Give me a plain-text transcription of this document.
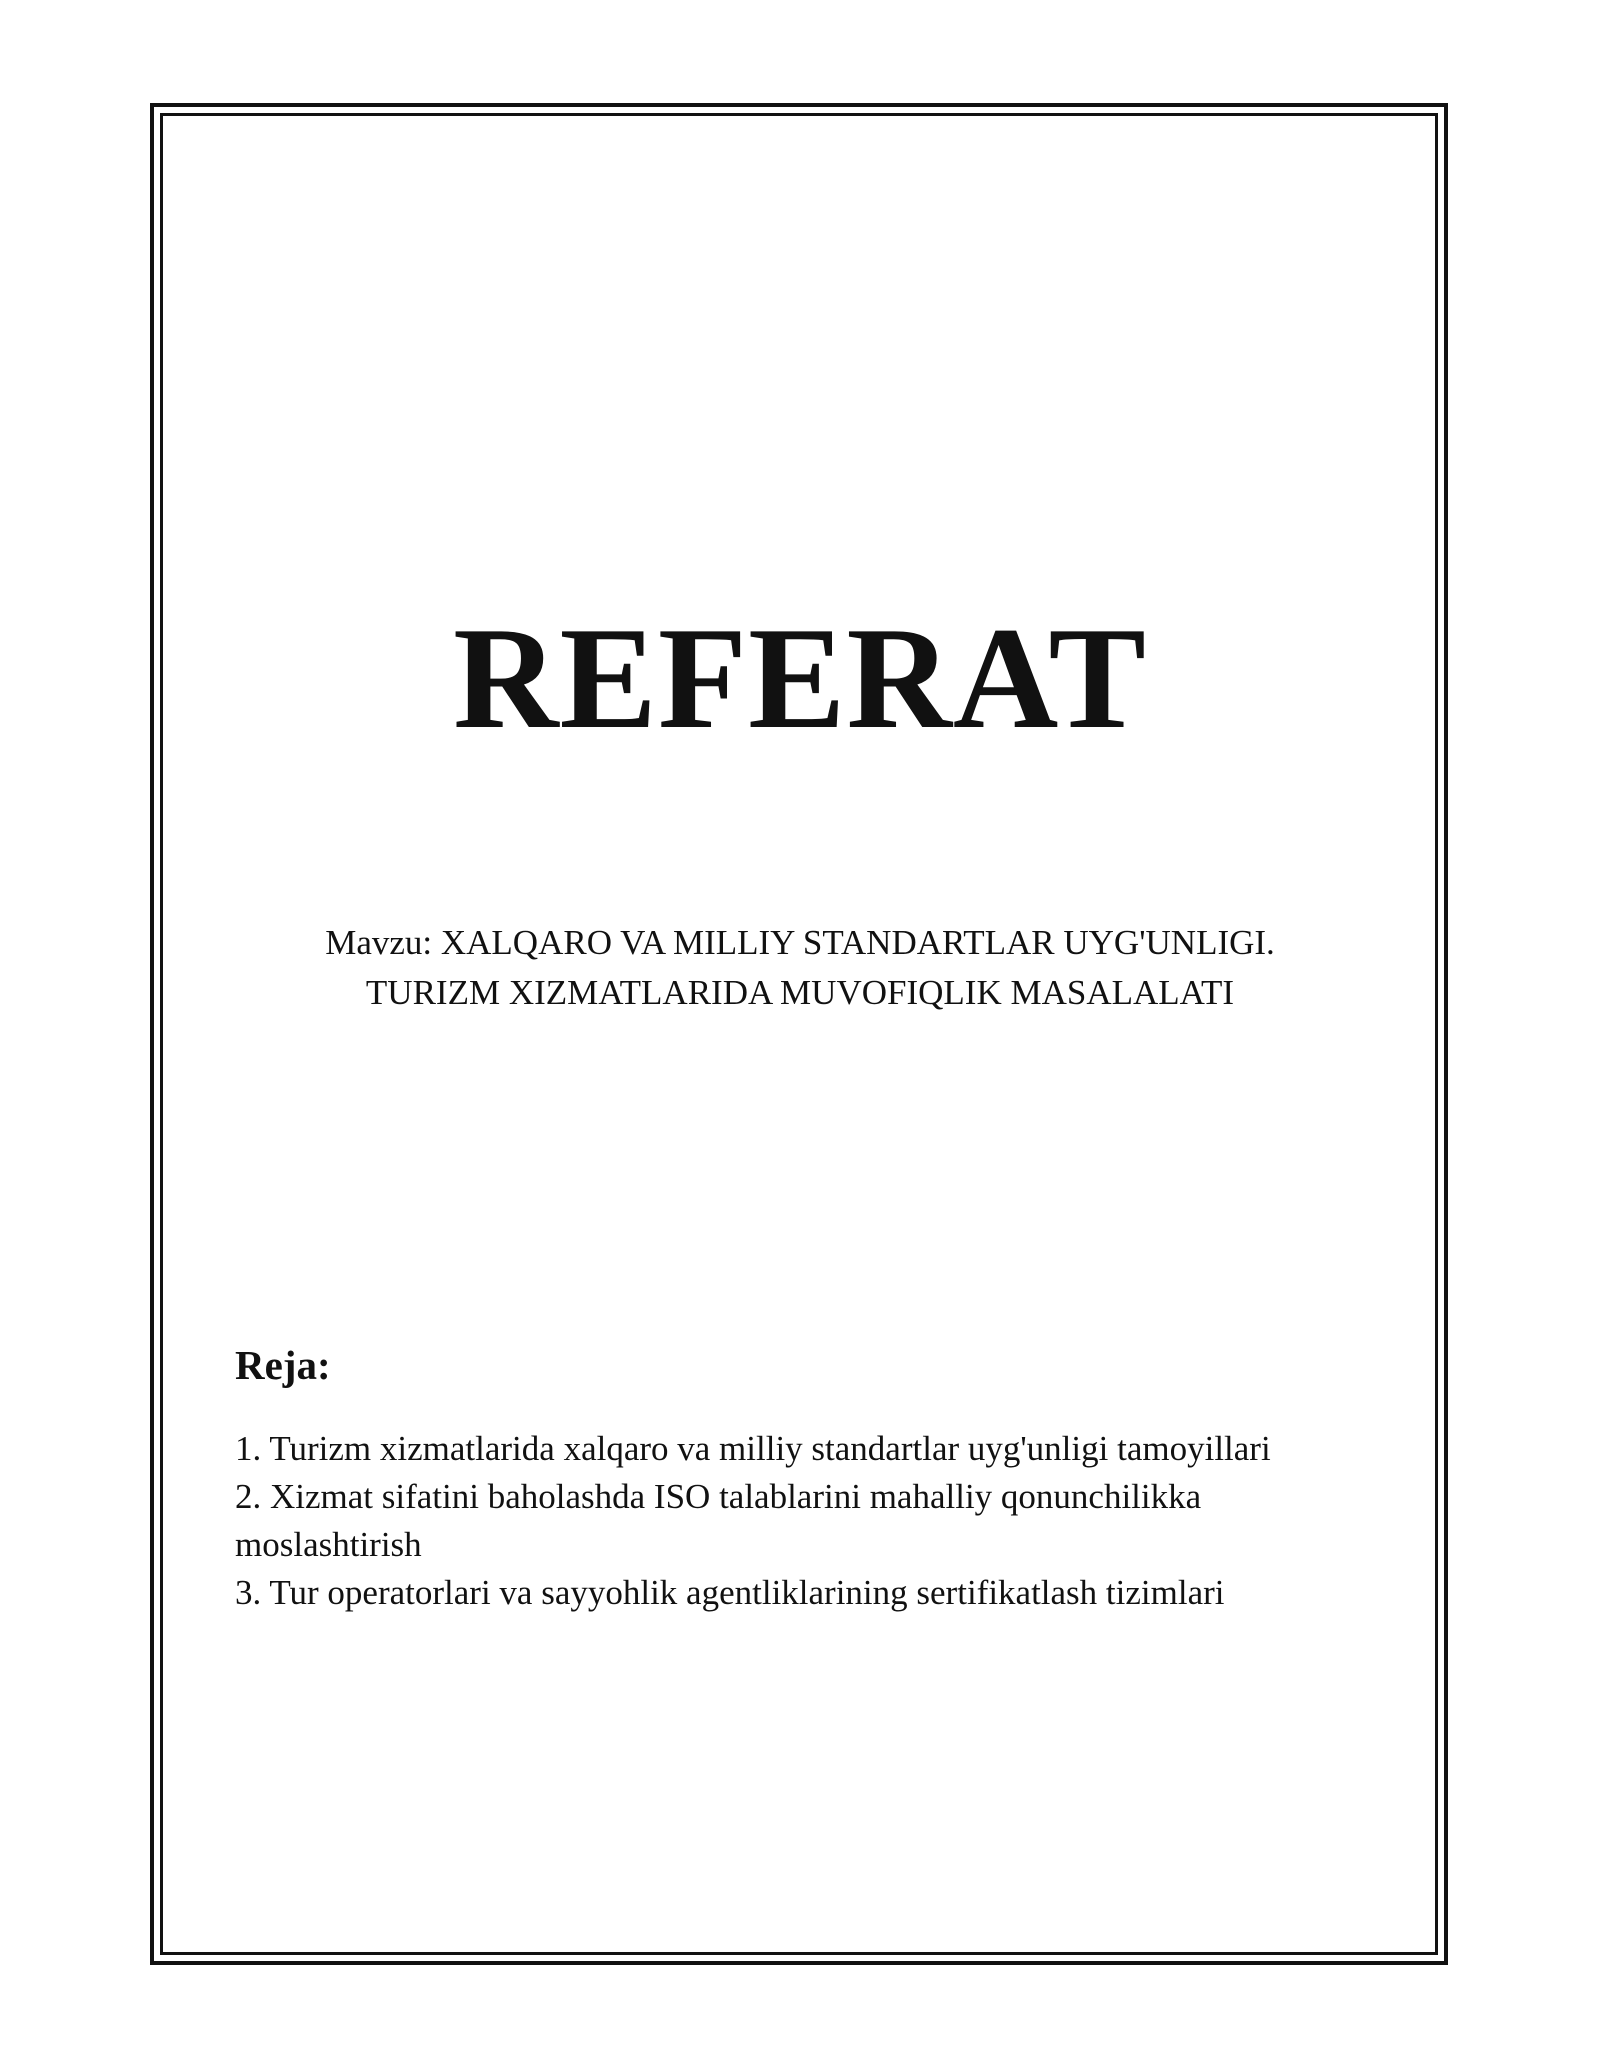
REFERAT
Mavzu: XALQARO VA MILLIY STANDARTLAR UYG'UNLIGI.
TURIZM XIZMATLARIDA MUVOFIQLIK MASALALATI
Reja:
1. Turizm xizmatlarida xalqaro va milliy standartlar uyg'unligi tamoyillari
2. Xizmat sifatini baholashda ISO talablarini mahalliy qonunchilikka moslashtirish
3. Tur operatorlari va sayyohlik agentliklarining sertifikatlash tizimlari
